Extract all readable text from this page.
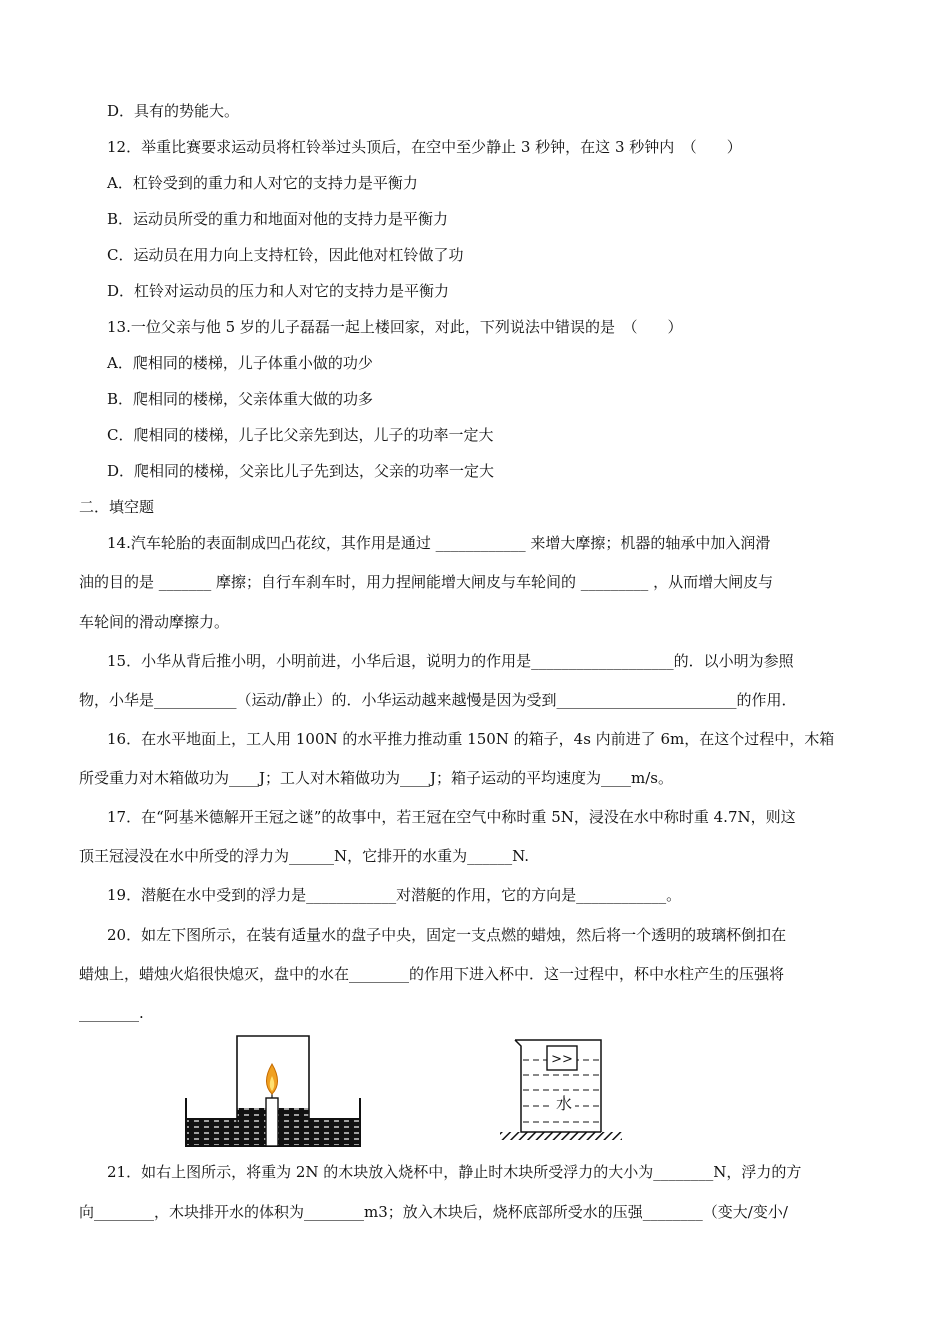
D．具有的势能大。
12．举重比赛要求运动员将杠铃举过头顶后，在空中至少静止 3 秒钟，在这 3 秒钟内　（　　）
A．杠铃受到的重力和人对它的支持力是平衡力
B．运动员所受的重力和地面对他的支持力是平衡力
C．运动员在用力向上支持杠铃，因此他对杠铃做了功
D．杠铃对运动员的压力和人对它的支持力是平衡力
13.一位父亲与他 5 岁的儿子磊磊一起上楼回家，对此，下列说法中错误的是　（　　）
A．爬相同的楼梯，儿子体重小做的功少
B．爬相同的楼梯，父亲体重大做的功多
C．爬相同的楼梯，儿子比父亲先到达，儿子的功率一定大
D．爬相同的楼梯，父亲比儿子先到达，父亲的功率一定大
二．填空题
14.汽车轮胎的表面制成凹凸花纹，其作用是通过 ____________ 来增大摩擦；机器的轴承中加入润滑
油的目的是 _______ 摩擦；自行车刹车时，用力捏闸能增大闸皮与车轮间的 _________ ，从而增大闸皮与
车轮间的滑动摩擦力。
15．小华从背后推小明，小明前进，小华后退，说明力的作用是___________________的．以小明为参照
物，小华是___________（运动/静止）的．小华运动越来越慢是因为受到________________________的作用．
16．在水平地面上，工人用 100N 的水平推力推动重 150N 的箱子，4s 内前进了 6m，在这个过程中，木箱
所受重力对木箱做功为____J；工人对木箱做功为____J；箱子运动的平均速度为____m/s。
17．在“阿基米德解开王冠之谜”的故事中，若王冠在空气中称时重 5N，浸没在水中称时重 4.7N，则这
顶王冠浸没在水中所受的浮力为______N，它排开的水重为______N.
19．潜艇在水中受到的浮力是____________对潜艇的作用，它的方向是____________。
20．如左下图所示，在装有适量水的盘子中央，固定一支点燃的蜡烛，然后将一个透明的玻璃杯倒扣在
蜡烛上，蜡烛火焰很快熄灭，盘中的水在________的作用下进入杯中．这一过程中，杯中水柱产生的压强将
________.
>>
水
21．如右上图所示，将重为 2N 的木块放入烧杯中，静止时木块所受浮力的大小为________N，浮力的方
向________，木块排开水的体积为________m3；放入木块后，烧杯底部所受水的压强________（变大/变小/
